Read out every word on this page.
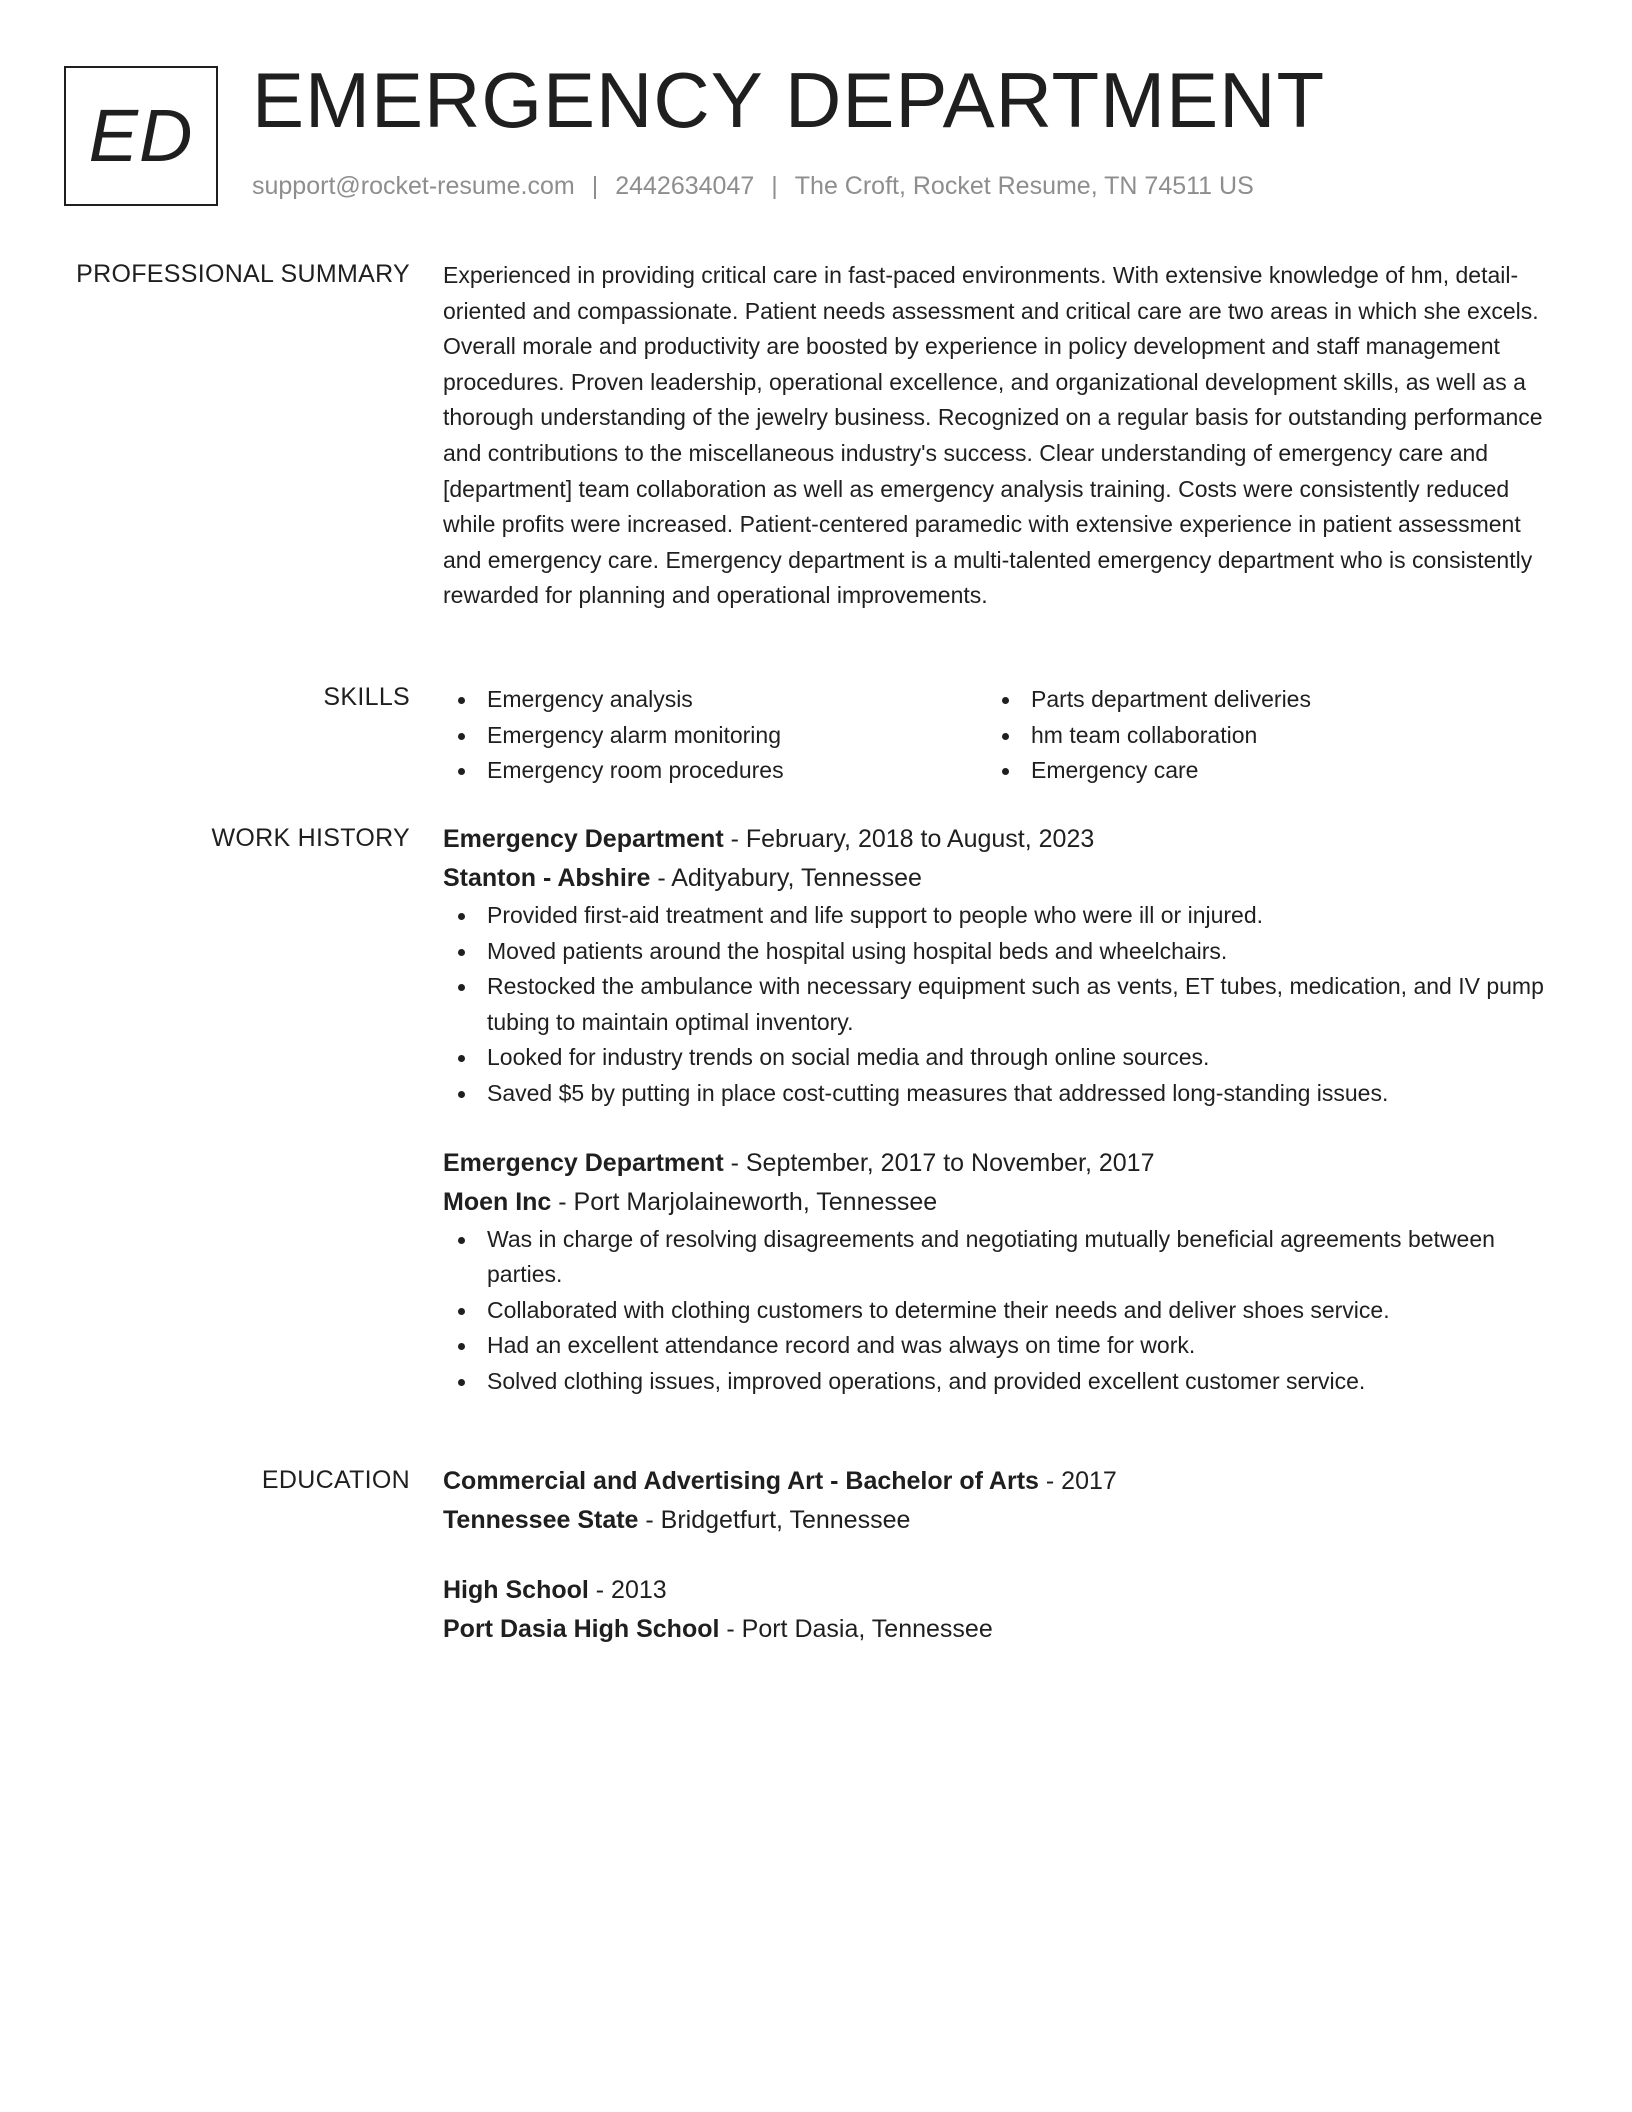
ED EMERGENCY DEPARTMENT
support@rocket-resume.com | 2442634047 | The Croft, Rocket Resume, TN 74511 US
PROFESSIONAL SUMMARY Experienced in providing critical care in fast-paced environments. With extensive knowledge of hm, detail-oriented and compassionate. Patient needs assessment and critical care are two areas in which she excels. Overall morale and productivity are boosted by experience in policy development and staff management procedures. Proven leadership, operational excellence, and organizational development skills, as well as a thorough understanding of the jewelry business. Recognized on a regular basis for outstanding performance and contributions to the miscellaneous industry's success. Clear understanding of emergency care and [department] team collaboration as well as emergency analysis training. Costs were consistently reduced while profits were increased. Patient-centered paramedic with extensive experience in patient assessment and emergency care. Emergency department is a multi-talented emergency department who is consistently rewarded for planning and operational improvements.

SKILLS	Emergency analysis
Emergency alarm monitoring
Emergency room procedures
Parts department deliveries
hm team collaboration
Emergency care
WORK HISTORY Emergency Department - February, 2018 to August, 2023
Stanton - Abshire - Adityabury, Tennessee
Provided first-aid treatment and life support to people who were ill or injured.
Moved patients around the hospital using hospital beds and wheelchairs.
Restocked the ambulance with necessary equipment such as vents, ET tubes, medication, and IV pump tubing to maintain optimal inventory.
Looked for industry trends on social media and through online sources.
Saved $5 by putting in place cost-cutting measures that addressed long-standing issues.
Emergency Department - September, 2017 to November, 2017
Moen Inc - Port Marjolaineworth, Tennessee
Was in charge of resolving disagreements and negotiating mutually beneficial agreements between parties.
Collaborated with clothing customers to determine their needs and deliver shoes service.
Had an excellent attendance record and was always on time for work.
Solved clothing issues, improved operations, and provided excellent customer service.
EDUCATION Commercial and Advertising Art - Bachelor of Arts - 2017
Tennessee State - Bridgetfurt, Tennessee
High School - 2013
Port Dasia High School - Port Dasia, Tennessee
